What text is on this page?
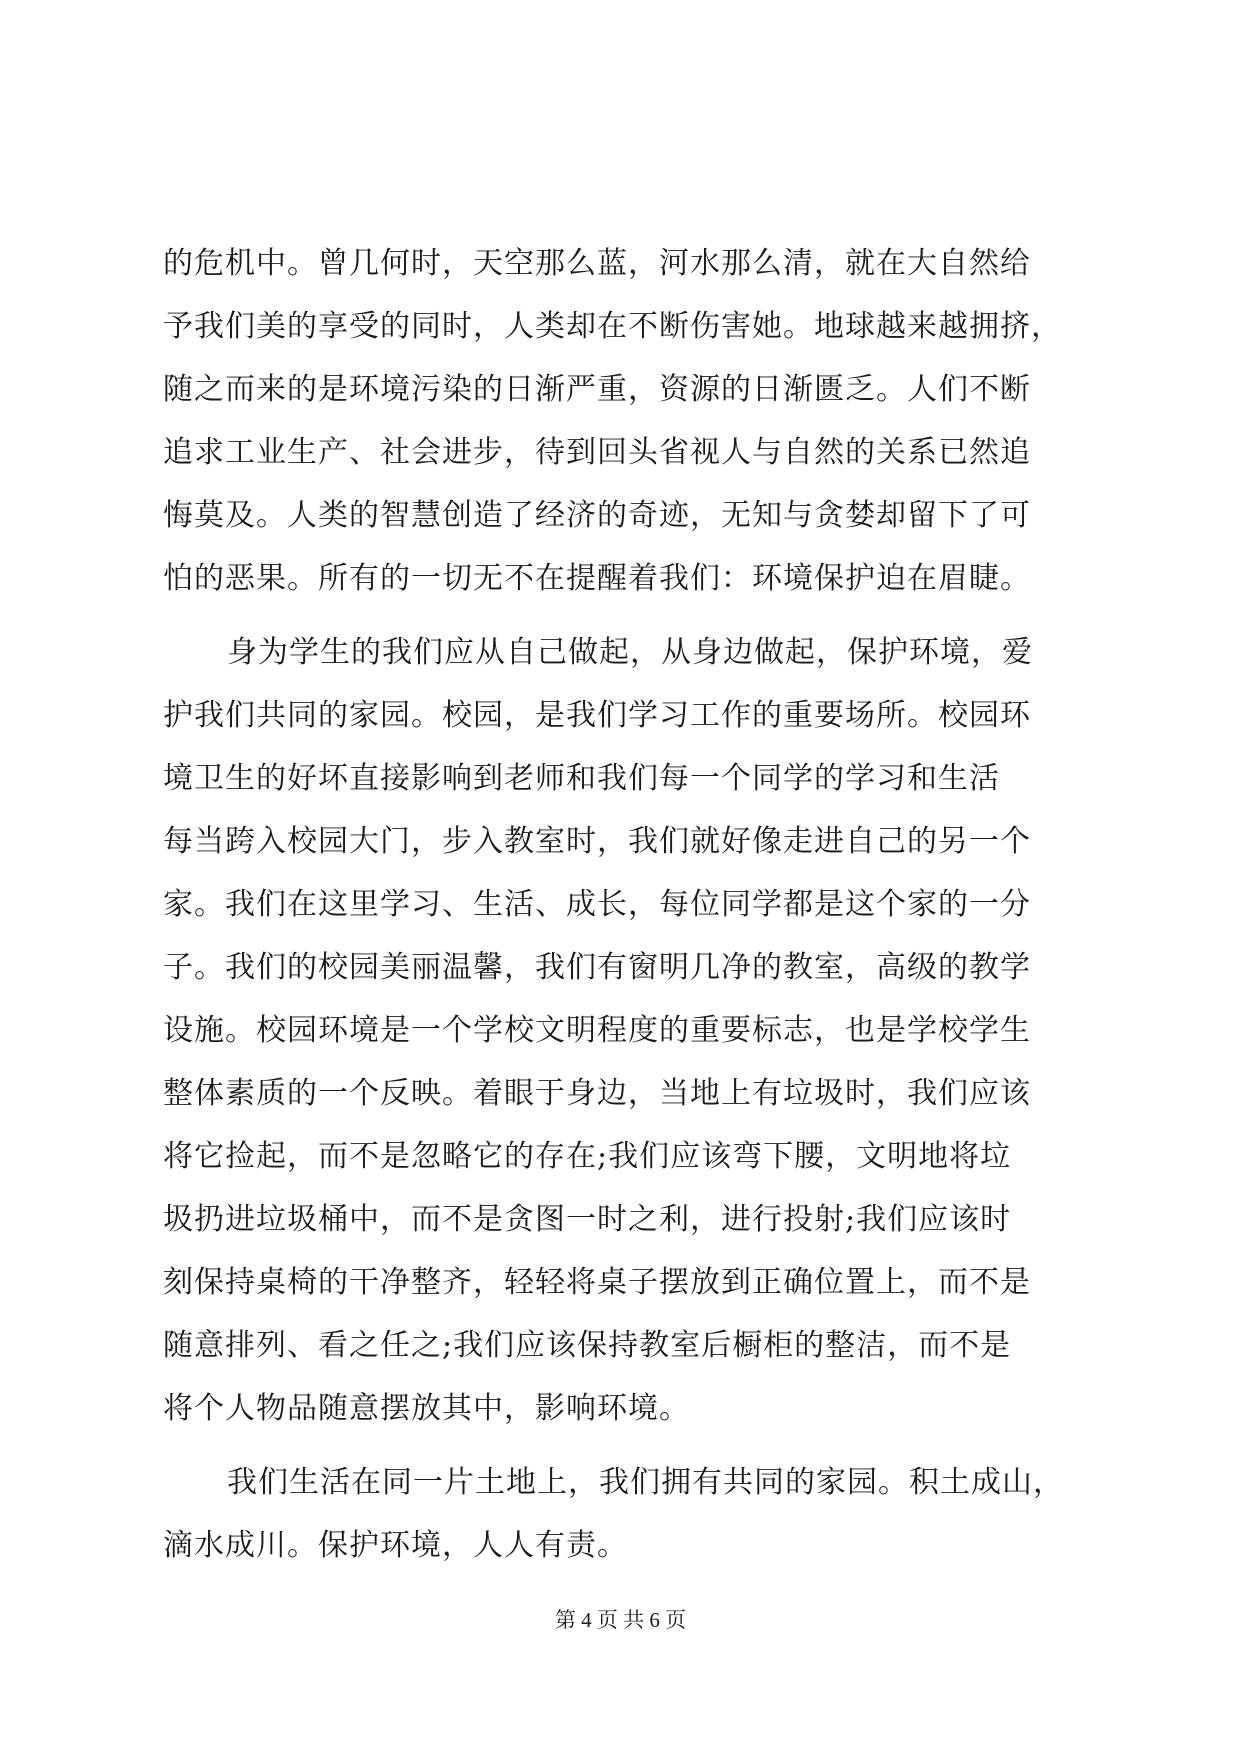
的危机中。曾几何时，天空那么蓝，河水那么清，就在大自然给
予我们美的享受的同时，人类却在不断伤害她。地球越来越拥挤，
随之而来的是环境污染的日渐严重，资源的日渐匮乏。人们不断
追求工业生产、社会进步，待到回头省视人与自然的关系已然追
悔莫及。人类的智慧创造了经济的奇迹，无知与贪婪却留下了可
怕的恶果。所有的一切无不在提醒着我们：环境保护迫在眉睫。
身为学生的我们应从自己做起，从身边做起，保护环境，爱
护我们共同的家园。校园，是我们学习工作的重要场所。校园环
境卫生的好坏直接影响到老师和我们每一个同学的学习和生活
每当跨入校园大门，步入教室时，我们就好像走进自己的另一个
家。我们在这里学习、生活、成长，每位同学都是这个家的一分
子。我们的校园美丽温馨，我们有窗明几净的教室，高级的教学
设施。校园环境是一个学校文明程度的重要标志，也是学校学生
整体素质的一个反映。着眼于身边，当地上有垃圾时，我们应该
将它捡起，而不是忽略它的存在;我们应该弯下腰，文明地将垃
圾扔进垃圾桶中，而不是贪图一时之利，进行投射;我们应该时
刻保持桌椅的干净整齐，轻轻将桌子摆放到正确位置上，而不是
随意排列、看之任之;我们应该保持教室后橱柜的整洁，而不是
将个人物品随意摆放其中，影响环境。
我们生活在同一片土地上，我们拥有共同的家园。积土成山，
滴水成川。保护环境，人人有责。
第 4 页 共 6 页
